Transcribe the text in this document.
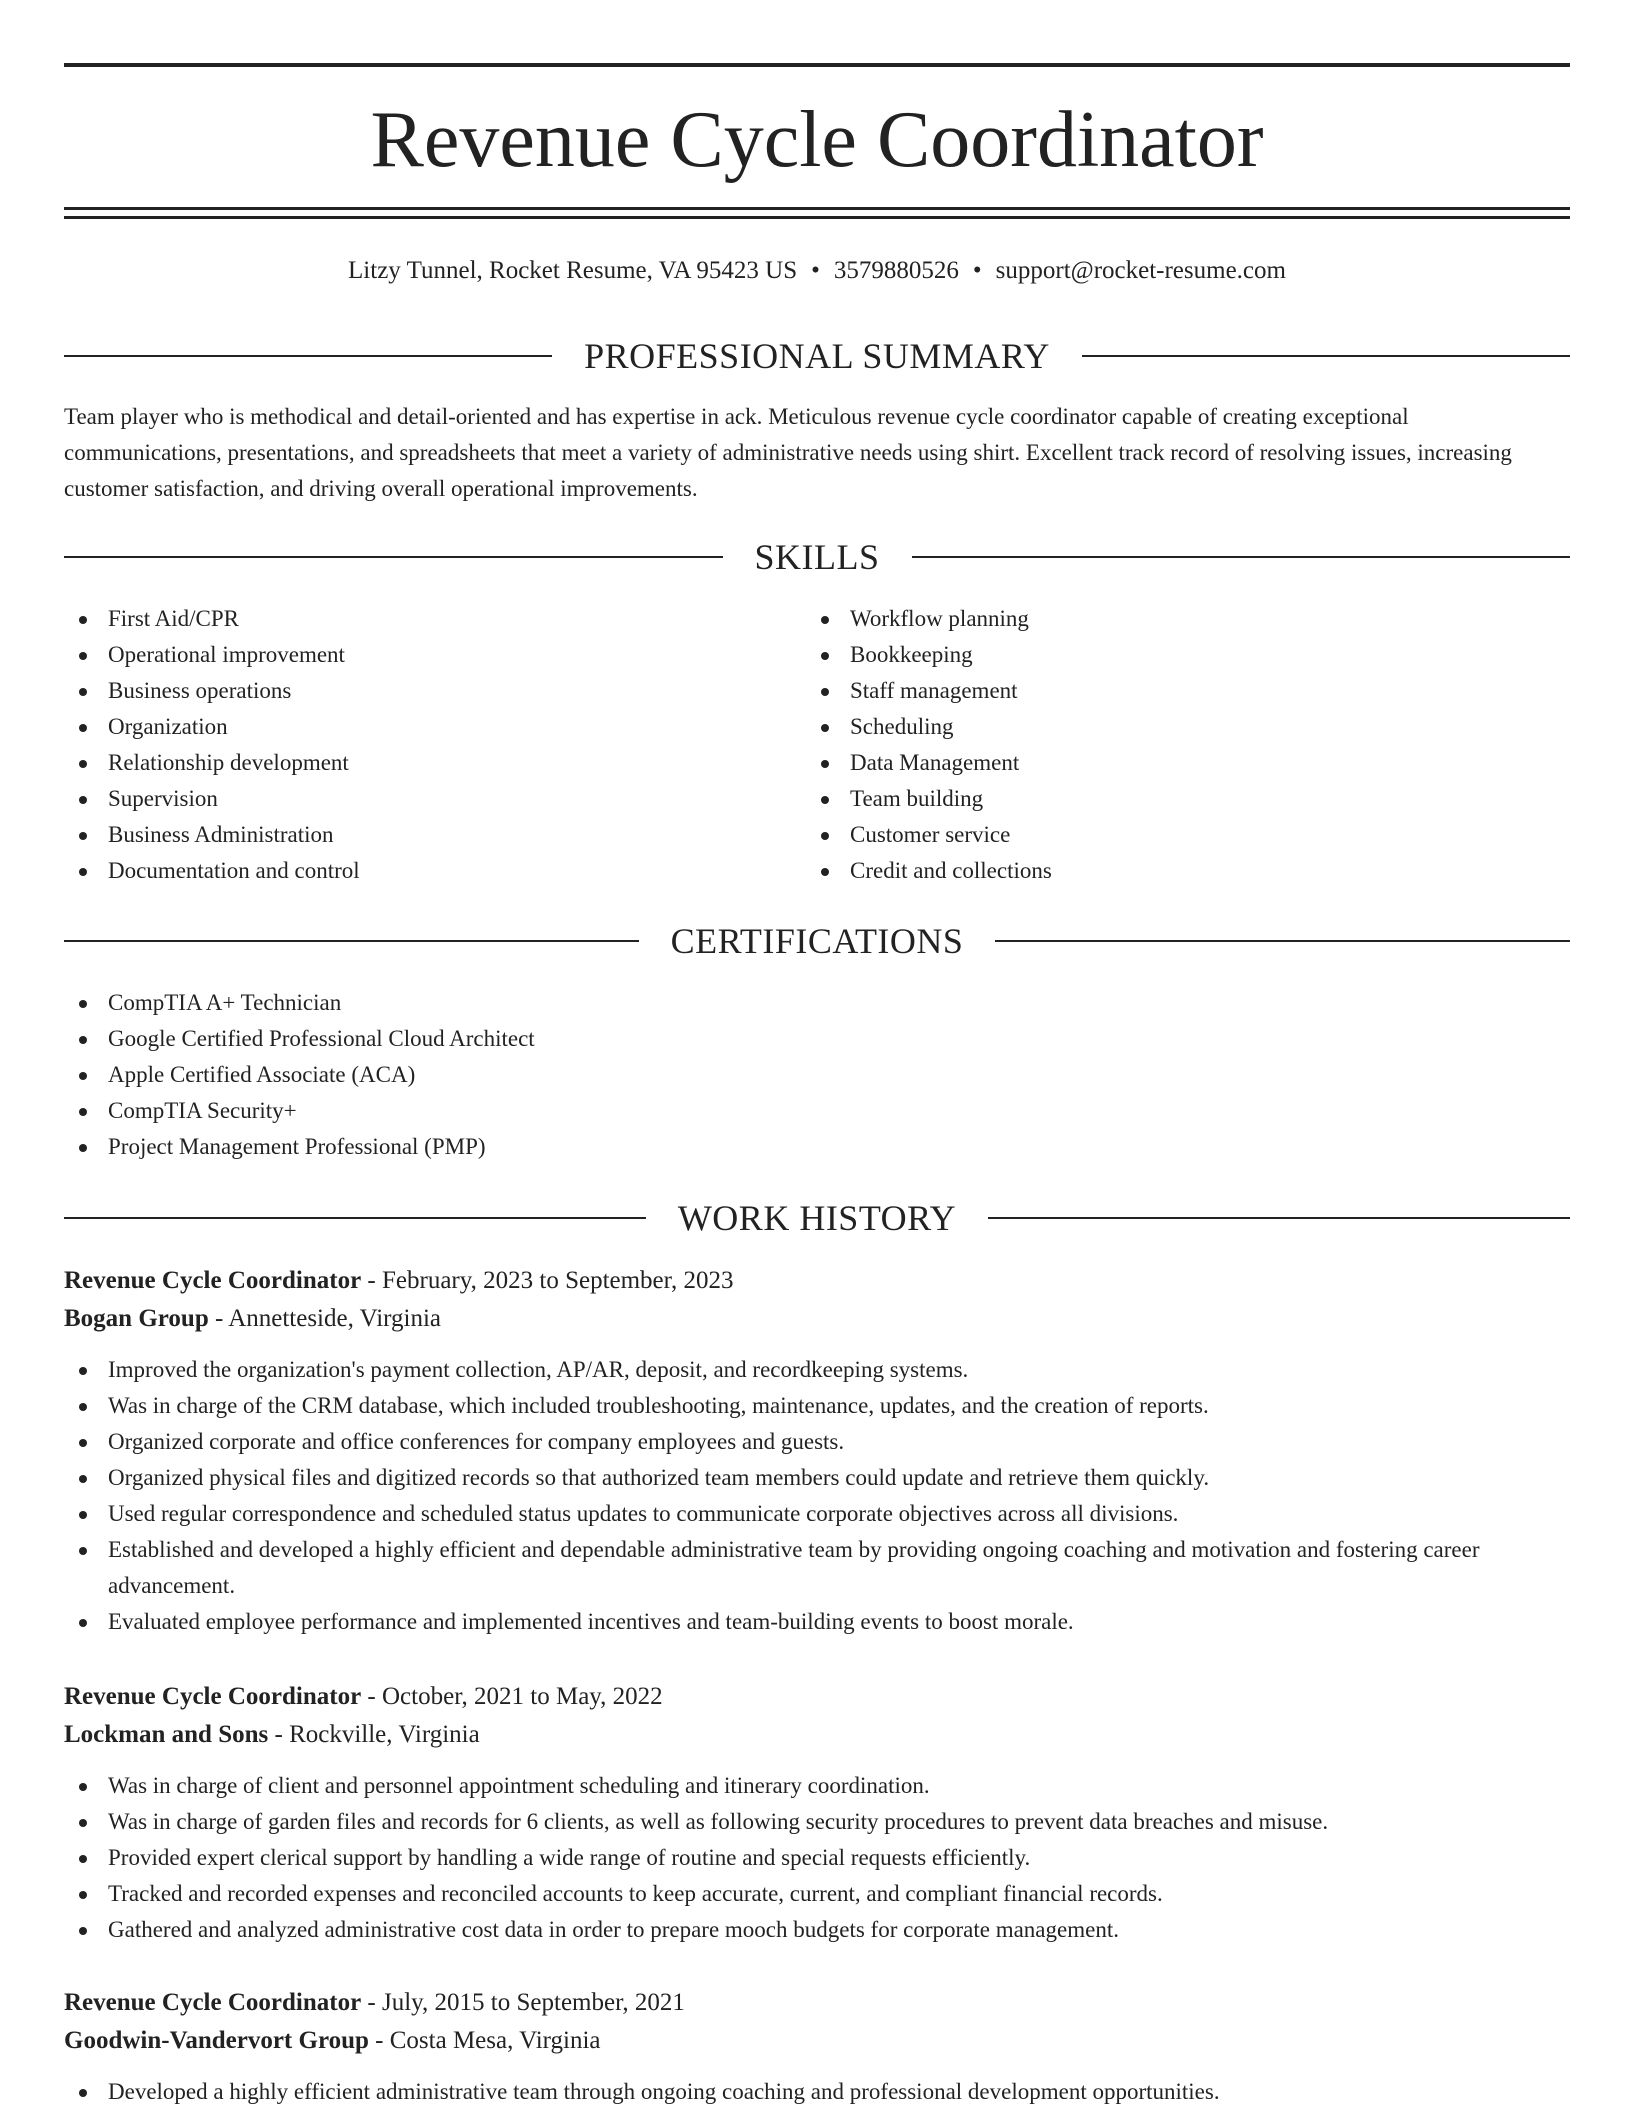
Revenue Cycle Coordinator
Litzy Tunnel, Rocket Resume, VA 95423 US • 3579880526 • support@rocket-resume.com
PROFESSIONAL SUMMARY
Team player who is methodical and detail-oriented and has expertise in ack. Meticulous revenue cycle coordinator capable of creating exceptional communications, presentations, and spreadsheets that meet a variety of administrative needs using shirt. Excellent track record of resolving issues, increasing customer satisfaction, and driving overall operational improvements.
SKILLS
First Aid/CPR
Operational improvement
Business operations
Organization
Relationship development
Supervision
Business Administration
Documentation and control
Workflow planning
Bookkeeping
Staff management
Scheduling
Data Management
Team building
Customer service
Credit and collections
CERTIFICATIONS
CompTIA A+ Technician
Google Certified Professional Cloud Architect
Apple Certified Associate (ACA)
CompTIA Security+
Project Management Professional (PMP)
WORK HISTORY
Revenue Cycle Coordinator - February, 2023 to September, 2023
Bogan Group - Annetteside, Virginia
Improved the organization's payment collection, AP/AR, deposit, and recordkeeping systems.
Was in charge of the CRM database, which included troubleshooting, maintenance, updates, and the creation of reports.
Organized corporate and office conferences for company employees and guests.
Organized physical files and digitized records so that authorized team members could update and retrieve them quickly.
Used regular correspondence and scheduled status updates to communicate corporate objectives across all divisions.
Established and developed a highly efficient and dependable administrative team by providing ongoing coaching and motivation and fostering career advancement.
Evaluated employee performance and implemented incentives and team-building events to boost morale.
Revenue Cycle Coordinator - October, 2021 to May, 2022
Lockman and Sons - Rockville, Virginia
Was in charge of client and personnel appointment scheduling and itinerary coordination.
Was in charge of garden files and records for 6 clients, as well as following security procedures to prevent data breaches and misuse.
Provided expert clerical support by handling a wide range of routine and special requests efficiently.
Tracked and recorded expenses and reconciled accounts to keep accurate, current, and compliant financial records.
Gathered and analyzed administrative cost data in order to prepare mooch budgets for corporate management.
Revenue Cycle Coordinator - July, 2015 to September, 2021
Goodwin-Vandervort Group - Costa Mesa, Virginia
Developed a highly efficient administrative team through ongoing coaching and professional development opportunities.
